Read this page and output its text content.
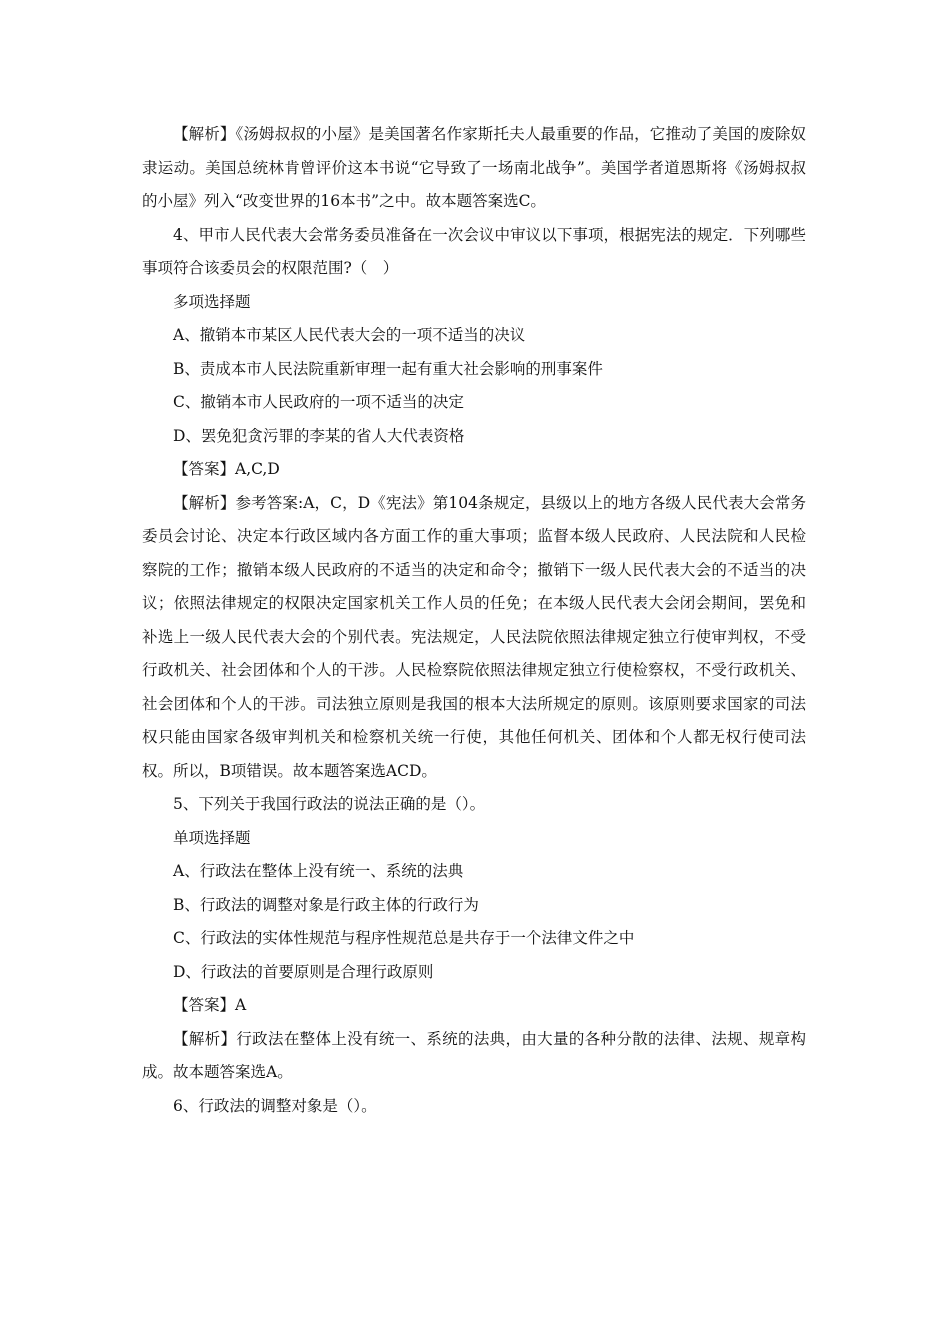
【解析】《汤姆叔叔的小屋》是美国著名作家斯托夫人最重要的作品，它推动了美国的废除奴隶运动。美国总统林肯曾评价这本书说“它导致了一场南北战争”。美国学者道恩斯将《汤姆叔叔的小屋》列入“改变世界的16本书”之中。故本题答案选C。

4、甲市人民代表大会常务委员准备在一次会议中审议以下事项，根据宪法的规定．下列哪些事项符合该委员会的权限范围?（　）

多项选择题

A、撤销本市某区人民代表大会的一项不适当的决议

B、责成本市人民法院重新审理一起有重大社会影响的刑事案件

C、撤销本市人民政府的一项不适当的决定

D、罢免犯贪污罪的李某的省人大代表资格

【答案】A,C,D

【解析】参考答案:A，C，D《宪法》第104条规定，县级以上的地方各级人民代表大会常务委员会讨论、决定本行政区域内各方面工作的重大事项；监督本级人民政府、人民法院和人民检察院的工作；撤销本级人民政府的不适当的决定和命令；撤销下一级人民代表大会的不适当的决议；依照法律规定的权限决定国家机关工作人员的任免；在本级人民代表大会闭会期间，罢免和补选上一级人民代表大会的个别代表。宪法规定，人民法院依照法律规定独立行使审判权，不受行政机关、社会团体和个人的干涉。人民检察院依照法律规定独立行使检察权，不受行政机关、社会团体和个人的干涉。司法独立原则是我国的根本大法所规定的原则。该原则要求国家的司法权只能由国家各级审判机关和检察机关统一行使，其他任何机关、团体和个人都无权行使司法权。所以，B项错误。故本题答案选ACD。

5、下列关于我国行政法的说法正确的是（）。

单项选择题

A、行政法在整体上没有统一、系统的法典

B、行政法的调整对象是行政主体的行政行为

C、行政法的实体性规范与程序性规范总是共存于一个法律文件之中

D、行政法的首要原则是合理行政原则

【答案】A

【解析】行政法在整体上没有统一、系统的法典，由大量的各种分散的法律、法规、规章构成。故本题答案选A。

6、行政法的调整对象是（）。
